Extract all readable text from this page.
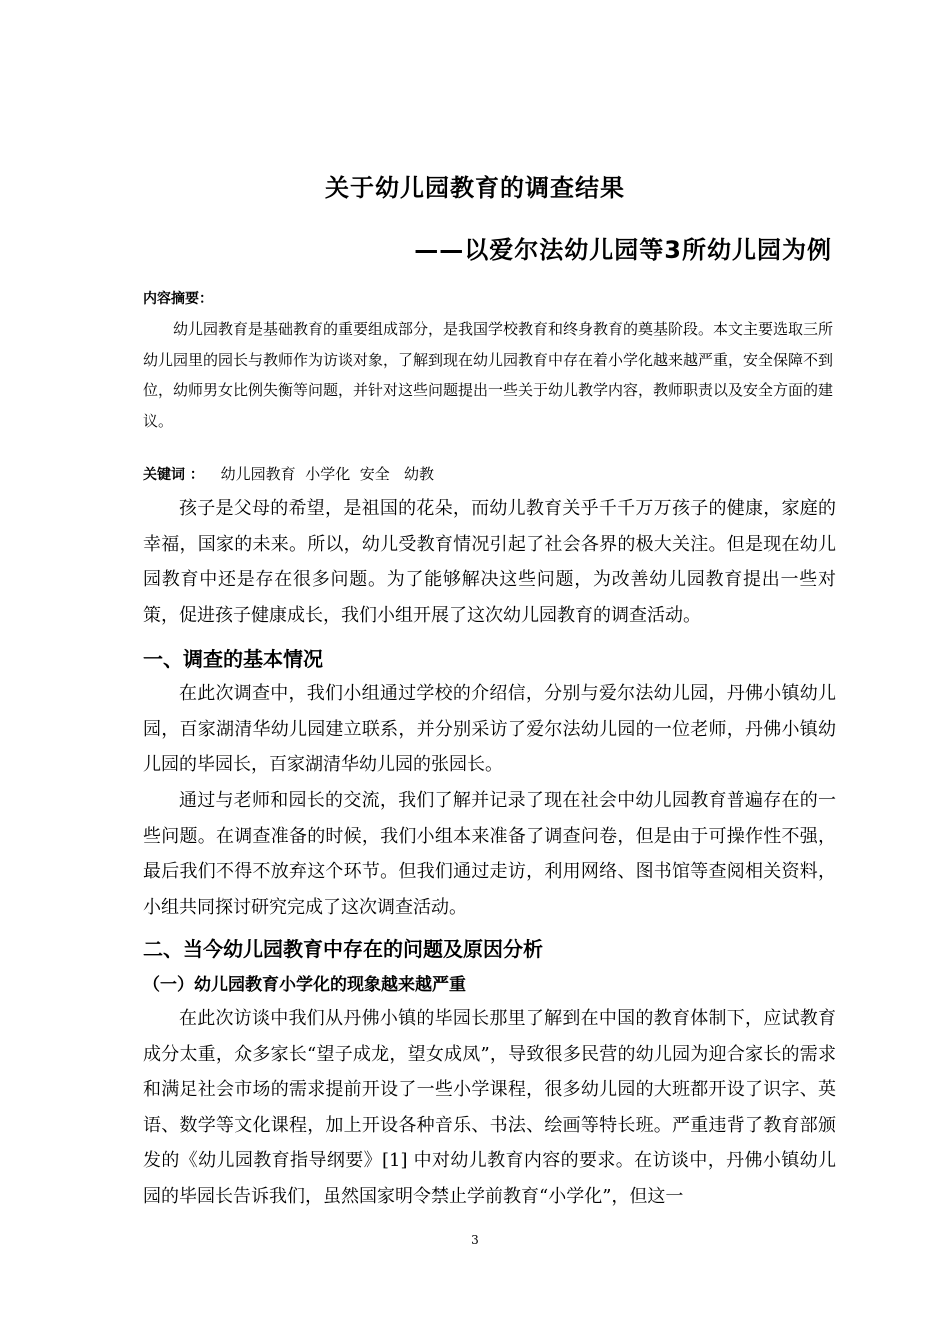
关于幼儿园教育的调查结果
——以爱尔法幼儿园等3所幼儿园为例
内容摘要：
幼儿园教育是基础教育的重要组成部分，是我国学校教育和终身教育的奠基阶段。本文主要选取三所幼儿园里的园长与教师作为访谈对象，了解到现在幼儿园教育中存在着小学化越来越严重，安全保障不到位，幼师男女比例失衡等问题，并针对这些问题提出一些关于幼儿教学内容，教师职责以及安全方面的建议。
关键词 ： 幼儿园教育  小学化  安全   幼教
孩子是父母的希望，是祖国的花朵，而幼儿教育关乎千千万万孩子的健康，家庭的幸福，国家的未来。所以，幼儿受教育情况引起了社会各界的极大关注。但是现在幼儿园教育中还是存在很多问题。为了能够解决这些问题，为改善幼儿园教育提出一些对策，促进孩子健康成长，我们小组开展了这次幼儿园教育的调查活动。
一、调查的基本情况
在此次调查中，我们小组通过学校的介绍信，分别与爱尔法幼儿园，丹佛小镇幼儿园，百家湖清华幼儿园建立联系，并分别采访了爱尔法幼儿园的一位老师，丹佛小镇幼儿园的毕园长，百家湖清华幼儿园的张园长。
通过与老师和园长的交流，我们了解并记录了现在社会中幼儿园教育普遍存在的一些问题。在调查准备的时候，我们小组本来准备了调查问卷，但是由于可操作性不强，最后我们不得不放弃这个环节。但我们通过走访，利用网络、图书馆等查阅相关资料，小组共同探讨研究完成了这次调查活动。
二、当今幼儿园教育中存在的问题及原因分析
（一）幼儿园教育小学化的现象越来越严重
在此次访谈中我们从丹佛小镇的毕园长那里了解到在中国的教育体制下，应试教育成分太重，众多家长“望子成龙，望女成凤”，导致很多民营的幼儿园为迎合家长的需求和满足社会市场的需求提前开设了一些小学课程，很多幼儿园的大班都开设了识字、英语、数学等文化课程，加上开设各种音乐、书法、绘画等特长班。严重违背了教育部颁发的《幼儿园教育指导纲要》[1] 中对幼儿教育内容的要求。在访谈中，丹佛小镇幼儿园的毕园长告诉我们，虽然国家明令禁止学前教育“小学化”，但这一
3
